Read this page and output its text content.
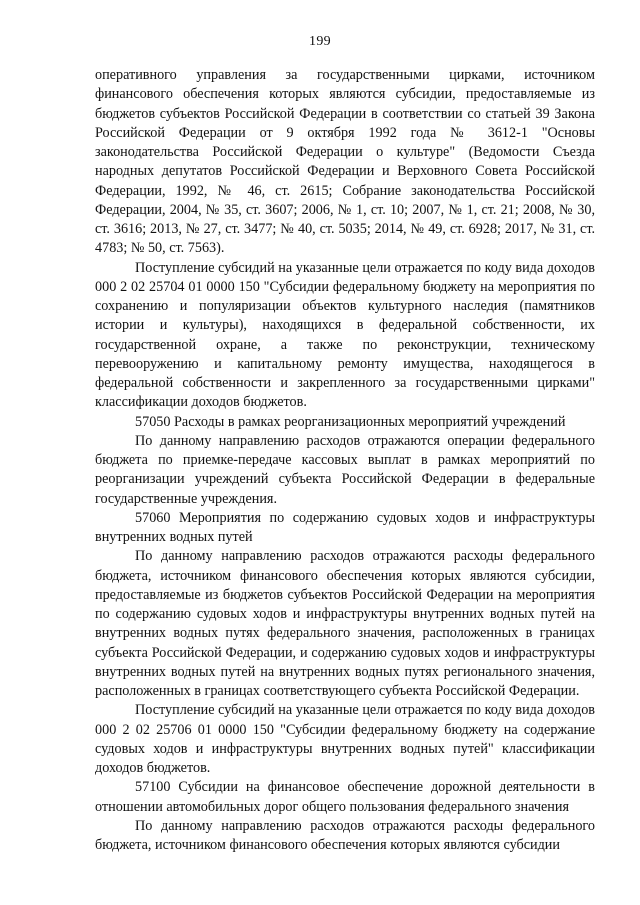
199

оперативного управления за государственными цирками, источником финансового обеспечения которых являются субсидии, предоставляемые из бюджетов субъектов Российской Федерации в соответствии со статьей 39 Закона Российской Федерации от 9 октября 1992 года № 3612-1 "Основы законодательства Российской Федерации о культуре" (Ведомости Съезда народных депутатов Российской Федерации и Верховного Совета Российской Федерации, 1992, № 46, ст. 2615; Собрание законодательства Российской Федерации, 2004, № 35, ст. 3607; 2006, № 1, ст. 10; 2007, № 1, ст. 21; 2008, № 30, ст. 3616; 2013, № 27, ст. 3477; № 40, ст. 5035; 2014, № 49, ст. 6928; 2017, № 31, ст. 4783; № 50, ст. 7563).

Поступление субсидий на указанные цели отражается по коду вида доходов 000 2 02 25704 01 0000 150 "Субсидии федеральному бюджету на мероприятия по сохранению и популяризации объектов культурного наследия (памятников истории и культуры), находящихся в федеральной собственности, их государственной охране, а также по реконструкции, техническому перевооружению и капитальному ремонту имущества, находящегося в федеральной собственности и закрепленного за государственными цирками" классификации доходов бюджетов.

57050 Расходы в рамках реорганизационных мероприятий учреждений

По данному направлению расходов отражаются операции федерального бюджета по приемке-передаче кассовых выплат в рамках мероприятий по реорганизации учреждений субъекта Российской Федерации в федеральные государственные учреждения.

57060 Мероприятия по содержанию судовых ходов и инфраструктуры внутренних водных путей

По данному направлению расходов отражаются расходы федерального бюджета, источником финансового обеспечения которых являются субсидии, предоставляемые из бюджетов субъектов Российской Федерации на мероприятия по содержанию судовых ходов и инфраструктуры внутренних водных путей на внутренних водных путях федерального значения, расположенных в границах субъекта Российской Федерации, и содержанию судовых ходов и инфраструктуры внутренних водных путей на внутренних водных путях регионального значения, расположенных в границах соответствующего субъекта Российской Федерации.

Поступление субсидий на указанные цели отражается по коду вида доходов 000 2 02 25706 01 0000 150 "Субсидии федеральному бюджету на содержание судовых ходов и инфраструктуры внутренних водных путей" классификации доходов бюджетов.

57100 Субсидии на финансовое обеспечение дорожной деятельности в отношении автомобильных дорог общего пользования федерального значения

По данному направлению расходов отражаются расходы федерального бюджета, источником финансового обеспечения которых являются субсидии
